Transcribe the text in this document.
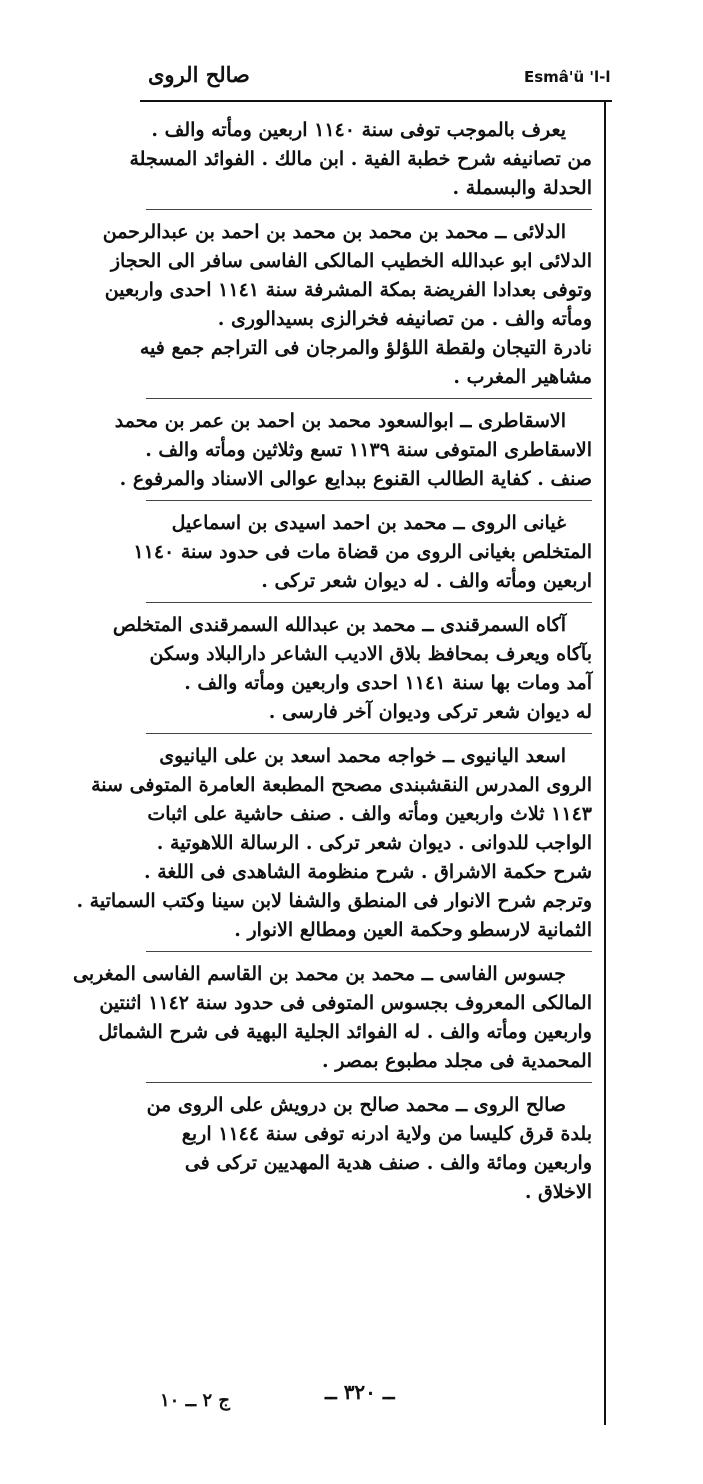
Esmâ'ü 'l-l
صالح الروى
يعرف بالموجب توفى سنة ١١٤٠ اربعين ومأته والف .
من تصانيفه شرح خطبة الفية . ابن مالك . الفوائد المسجلة
الحدلة والبسملة .
الدلائى ــ محمد بن محمد بن محمد بن احمد بن عبدالرحمن
الدلائى ابو عبدالله الخطيب المالكى الفاسى سافر الى الحجاز
وتوفى بعدادا الفريضة بمكة المشرفة سنة ١١٤١ احدى واربعين
ومأته والف . من تصانيفه فخرالزى بسيدالورى .
نادرة التيجان ولقطة اللؤلؤ والمرجان فى التراجم جمع فيه
مشاهير المغرب .
الاسقاطرى ــ ابوالسعود محمد بن احمد بن عمر بن محمد
الاسقاطرى المتوفى سنة ١١٣٩ تسع وثلاثين ومأته والف .
صنف . كفاية الطالب القنوع ببدايع عوالى الاسناد والمرفوع .
غيانى الروى ــ محمد بن احمد اسيدى بن اسماعيل
المتخلص بغيانى الروى من قضاة مات فى حدود سنة ١١٤٠
اربعين ومأته والف . له ديوان شعر تركى .
آكاه السمرقندى ــ محمد بن عبدالله السمرقندى المتخلص
بآكاه ويعرف بمحافظ بلاق الاديب الشاعر دارالبلاد وسكن
آمد ومات بها سنة ١١٤١ احدى واربعين ومأته والف .
له ديوان شعر تركى وديوان آخر فارسى .
اسعد اليانيوى ــ خواجه محمد اسعد بن على اليانيوى
الروى المدرس النقشبندى مصحح المطبعة العامرة المتوفى سنة
١١٤٣ ثلاث واربعين ومأته والف . صنف حاشية على اثبات
الواجب للدوانى . ديوان شعر تركى . الرسالة اللاهوتية .
شرح حكمة الاشراق . شرح منظومة الشاهدى فى اللغة .
وترجم شرح الانوار فى المنطق والشفا لابن سينا وكتب السماتية .
الثمانية لارسطو وحكمة العين ومطالع الانوار .
جسوس الفاسى ــ محمد بن محمد بن القاسم الفاسى المغربى
المالكى المعروف بجسوس المتوفى فى حدود سنة ١١٤٢ اثنتين
واربعين ومأته والف . له الفوائد الجلية البهية فى شرح الشمائل
المحمدية فى مجلد مطبوع بمصر .
صالح الروى ــ محمد صالح بن درويش على الروى من
بلدة قرق كليسا من ولاية ادرنه توفى سنة ١١٤٤ اربع
واربعين ومائة والف . صنف هدية المهديين تركى فى
الاخلاق .
ــ ٣٢٠ ــ
ج ٢ ــ ١٠
